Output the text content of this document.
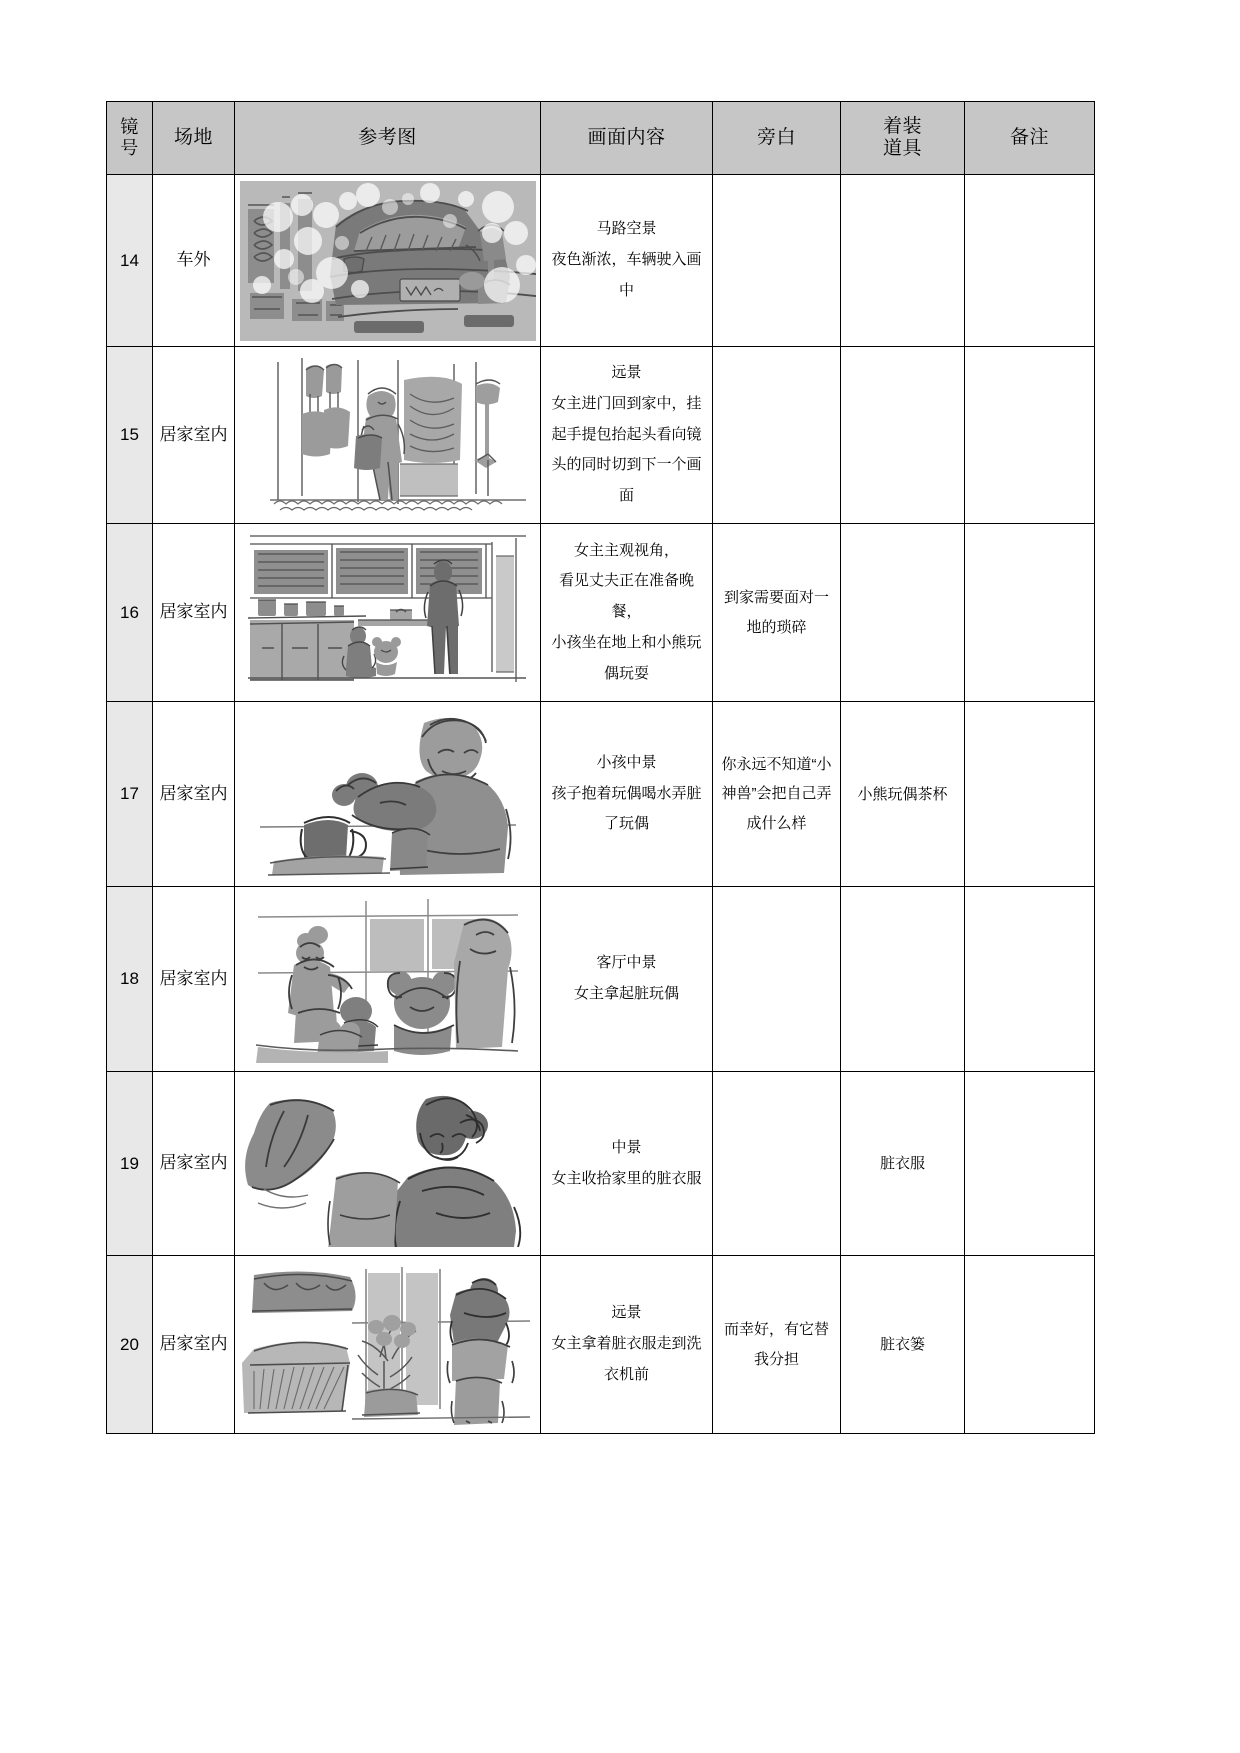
镜
号	场地	参考图	画面内容	旁白	着装
道具	备注
14	车外		马路空景
夜色渐浓，车辆驶入画
中			

15	居家室内		远景
女主进门回到家中，挂
起手提包抬起头看向镜
头的同时切到下一个画
面			

16	居家室内		女主主观视角，
看见丈夫正在准备晚餐，
小孩坐在地上和小熊玩
偶玩耍	到家需要面对一地的琐碎		
17	居家室内		小孩中景
孩子抱着玩偶喝水弄脏
了玩偶	你永远不知道“小神兽”会把自己弄成什么样	小熊玩偶茶杯	
18	居家室内		客厅中景
女主拿起脏玩偶			

19	居家室内		中景
女主收拾家里的脏衣服		脏衣服	
20	居家室内		远景
女主拿着脏衣服走到洗
衣机前	而幸好，有它替我分担	脏衣篓	
